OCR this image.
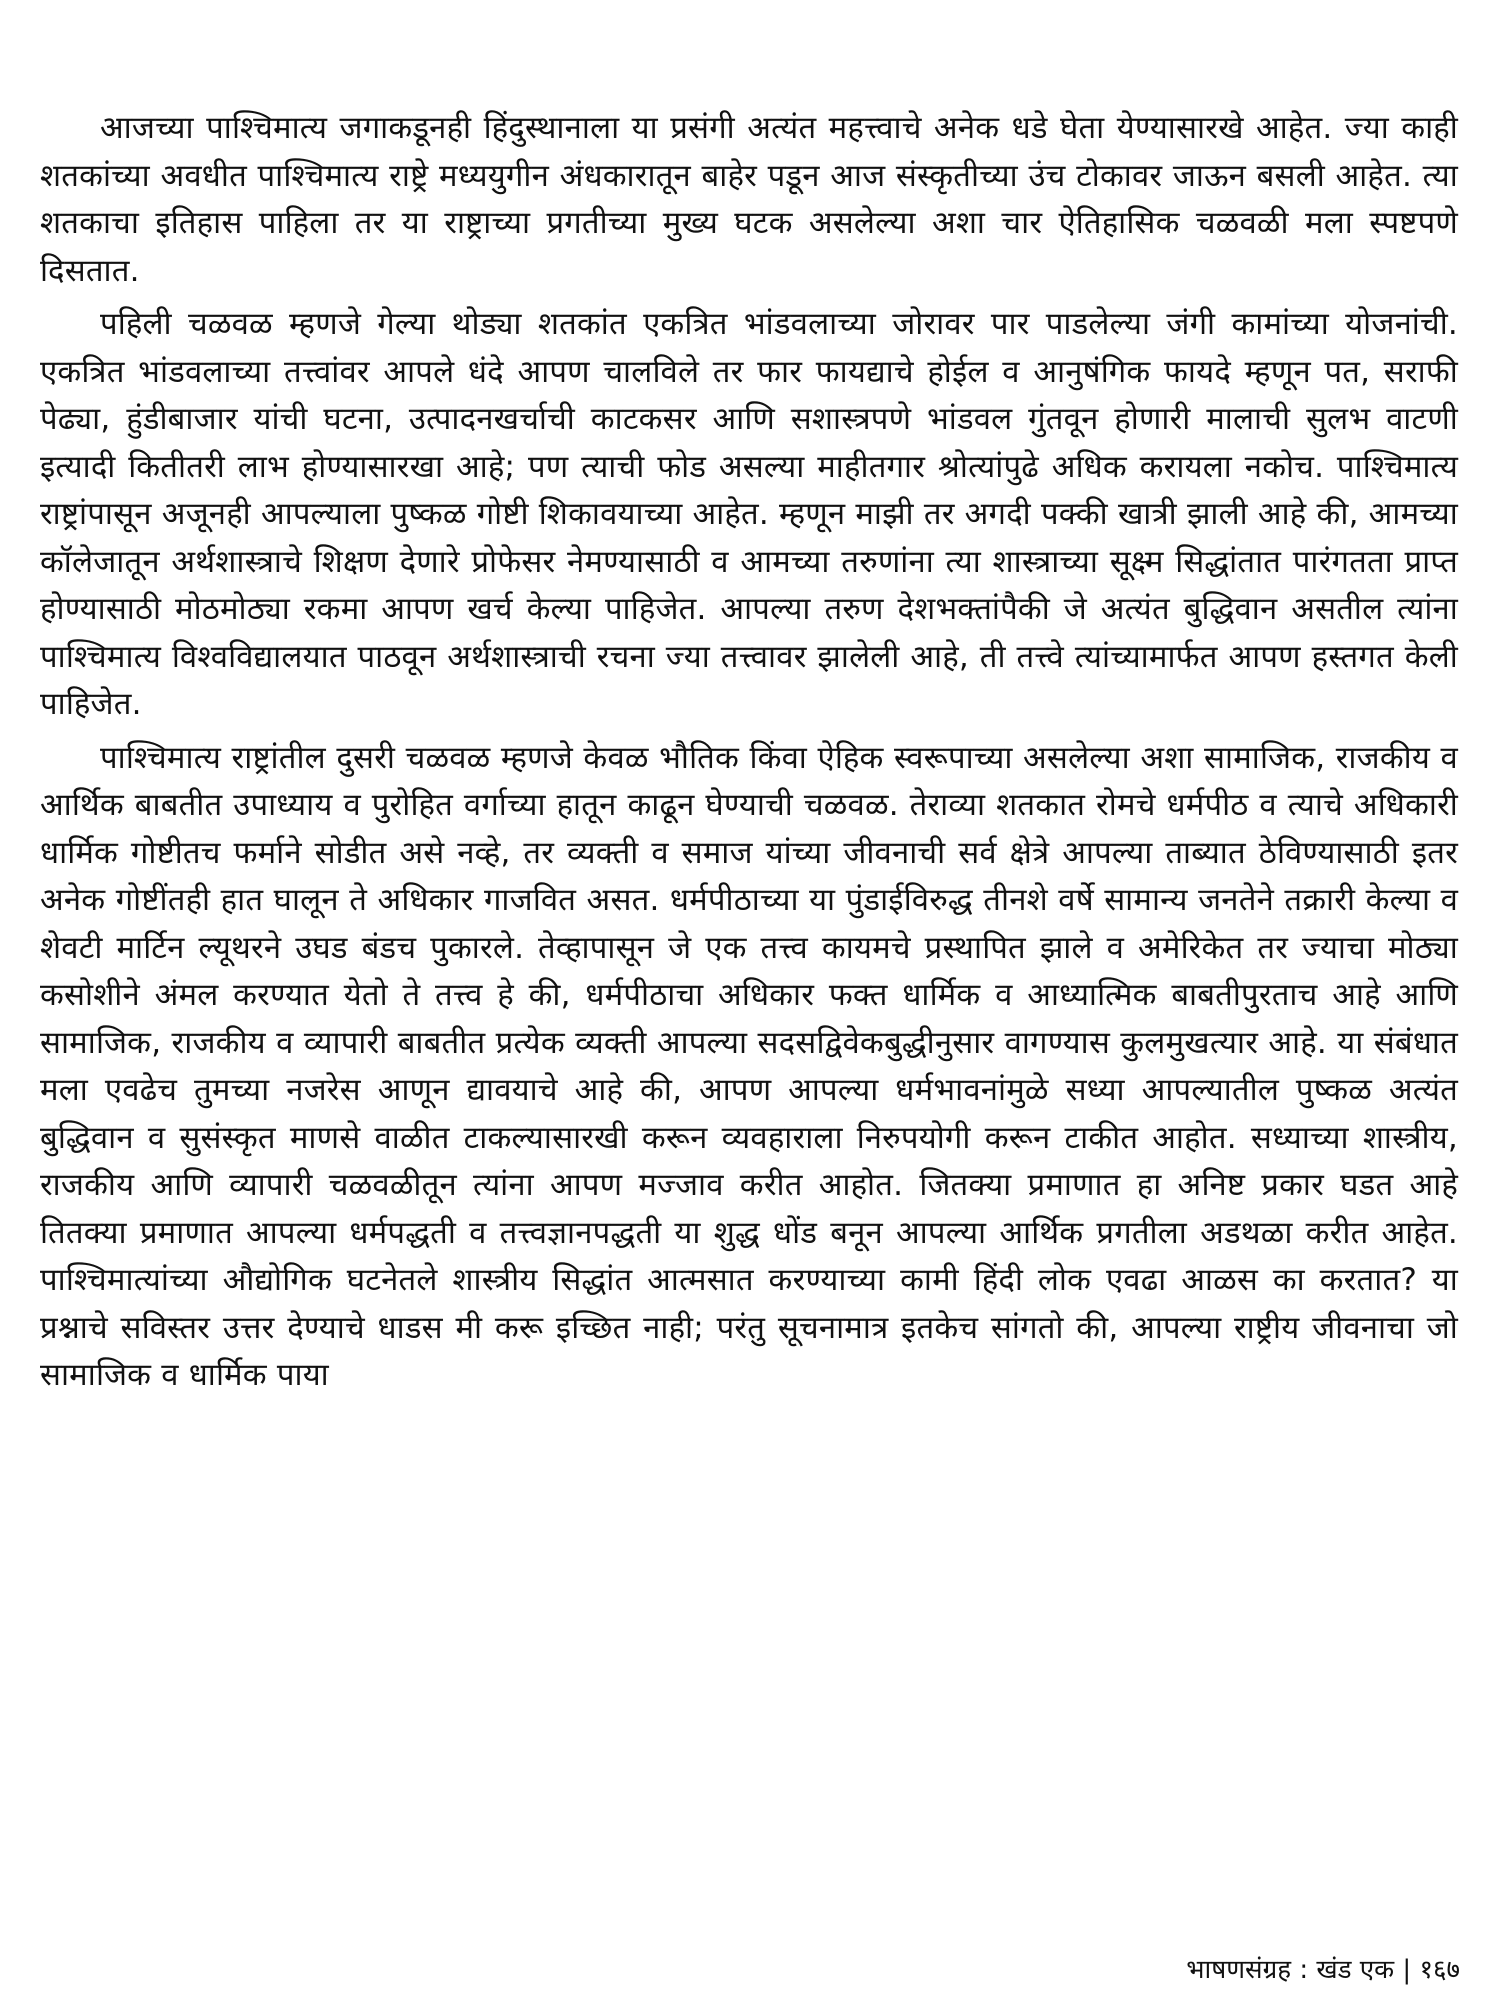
आजच्या पाश्चिमात्य जगाकडूनही हिंदुस्थानाला या प्रसंगी अत्यंत महत्त्वाचे अनेक धडे घेता येण्यासारखे आहेत. ज्या काही शतकांच्या अवधीत पाश्चिमात्य राष्ट्रे मध्ययुगीन अंधकारातून बाहेर पडून आज संस्कृतीच्या उंच टोकावर जाऊन बसली आहेत. त्या शतकाचा इतिहास पाहिला तर या राष्ट्राच्या प्रगतीच्या मुख्य घटक असलेल्या अशा चार ऐतिहासिक चळवळी मला स्पष्टपणे दिसतात.

पहिली चळवळ म्हणजे गेल्या थोड्या शतकांत एकत्रित भांडवलाच्या जोरावर पार पाडलेल्या जंगी कामांच्या योजनांची. एकत्रित भांडवलाच्या तत्त्वांवर आपले धंदे आपण चालविले तर फार फायद्याचे होईल व आनुषंगिक फायदे म्हणून पत, सराफी पेढ्या, हुंडीबाजार यांची घटना, उत्पादनखर्चाची काटकसर आणि सशास्त्रपणे भांडवल गुंतवून होणारी मालाची सुलभ वाटणी इत्यादी कितीतरी लाभ होण्यासारखा आहे; पण त्याची फोड असल्या माहीतगार श्रोत्यांपुढे अधिक करायला नकोच. पाश्चिमात्य राष्ट्रांपासून अजूनही आपल्याला पुष्कळ गोष्टी शिकावयाच्या आहेत. म्हणून माझी तर अगदी पक्की खात्री झाली आहे की, आमच्या कॉलेजातून अर्थशास्त्राचे शिक्षण देणारे प्रोफेसर नेमण्यासाठी व आमच्या तरुणांना त्या शास्त्राच्या सूक्ष्म सिद्धांतात पारंगतता प्राप्त होण्यासाठी मोठमोठ्या रकमा आपण खर्च केल्या पाहिजेत. आपल्या तरुण देशभक्तांपैकी जे अत्यंत बुद्धिवान असतील त्यांना पाश्चिमात्य विश्वविद्यालयात पाठवून अर्थशास्त्राची रचना ज्या तत्त्वावर झालेली आहे, ती तत्त्वे त्यांच्यामार्फत आपण हस्तगत केली पाहिजेत.

पाश्चिमात्य राष्ट्रांतील दुसरी चळवळ म्हणजे केवळ भौतिक किंवा ऐहिक स्वरूपाच्या असलेल्या अशा सामाजिक, राजकीय व आर्थिक बाबतीत उपाध्याय व पुरोहित वर्गाच्या हातून काढून घेण्याची चळवळ. तेराव्या शतकात रोमचे धर्मपीठ व त्याचे अधिकारी धार्मिक गोष्टीतच फर्माने सोडीत असे नव्हे, तर व्यक्ती व समाज यांच्या जीवनाची सर्व क्षेत्रे आपल्या ताब्यात ठेविण्यासाठी इतर अनेक गोष्टींतही हात घालून ते अधिकार गाजवित असत. धर्मपीठाच्या या पुंडाईविरुद्ध तीनशे वर्षे सामान्य जनतेने तक्रारी केल्या व शेवटी मार्टिन ल्यूथरने उघड बंडच पुकारले. तेव्हापासून जे एक तत्त्व कायमचे प्रस्थापित झाले व अमेरिकेत तर ज्याचा मोठ्या कसोशीने अंमल करण्यात येतो ते तत्त्व हे की, धर्मपीठाचा अधिकार फक्त धार्मिक व आध्यात्मिक बाबतीपुरताच आहे आणि सामाजिक, राजकीय व व्यापारी बाबतीत प्रत्येक व्यक्ती आपल्या सदसद्विवेकबुद्धीनुसार वागण्यास कुलमुखत्यार आहे. या संबंधात मला एवढेच तुमच्या नजरेस आणून द्यावयाचे आहे की, आपण आपल्या धर्मभावनांमुळे सध्या आपल्यातील पुष्कळ अत्यंत बुद्धिवान व सुसंस्कृत माणसे वाळीत टाकल्यासारखी करून व्यवहाराला निरुपयोगी करून टाकीत आहोत. सध्याच्या शास्त्रीय, राजकीय आणि व्यापारी चळवळीतून त्यांना आपण मज्जाव करीत आहोत. जितक्या प्रमाणात हा अनिष्ट प्रकार घडत आहे तितक्या प्रमाणात आपल्या धर्मपद्धती व तत्त्वज्ञानपद्धती या शुद्ध धोंड बनून आपल्या आर्थिक प्रगतीला अडथळा करीत आहेत. पाश्चिमात्यांच्या औद्योगिक घटनेतले शास्त्रीय सिद्धांत आत्मसात करण्याच्या कामी हिंदी लोक एवढा आळस का करतात? या प्रश्नाचे सविस्तर उत्तर देण्याचे धाडस मी करू इच्छित नाही; परंतु सूचनामात्र इतकेच सांगतो की, आपल्या राष्ट्रीय जीवनाचा जो सामाजिक व धार्मिक पाया

भाषणसंग्रह : खंड एक | १६७
